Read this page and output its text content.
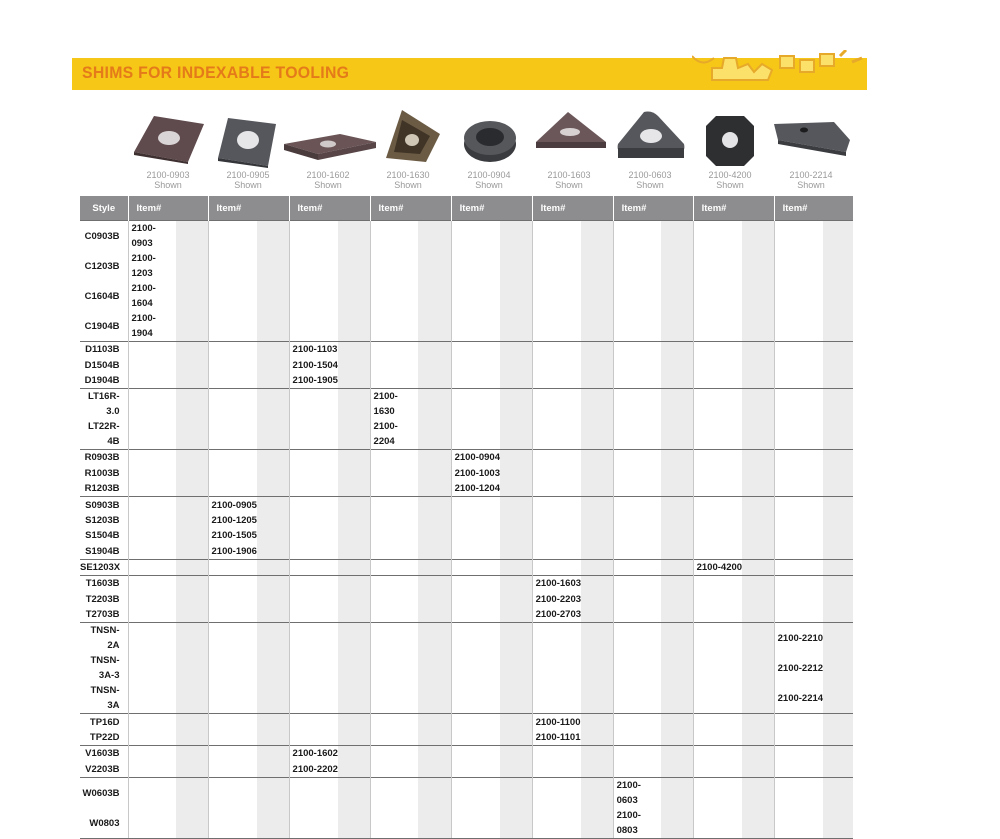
SHIMS FOR INDEXABLE TOOLING
2100-0903
Shown
2100-0905
Shown
2100-1602
Shown
2100-1630
Shown
2100-0904
Shown
2100-1603
Shown
2100-0603
Shown
2100-4200
Shown
2100-2214
Shown
Style	Item#		Item#		Item#		Item#		Item#		Item#		Item#		Item#		Item#	
C0903B	2100-0903																	
C1203B	2100-1203																	
C1604B	2100-1604																	
C1904B	2100-1904																	
D1103B					2100-1103													
D1504B					2100-1504													
D1904B					2100-1905													
LT16R-3.0							2100-1630											
LT22R-4B							2100-2204											
R0903B									2100-0904									
R1003B									2100-1003									
R1203B									2100-1204									
S0903B			2100-0905															
S1203B			2100-1205															
S1504B			2100-1505															
S1904B			2100-1906															
SE1203X															2100-4200			
T1603B											2100-1603							
T2203B											2100-2203							
T2703B											2100-2703							
TNSN-2A																	2100-2210	
TNSN-3A-3																	2100-2212	
TNSN-3A																	2100-2214	
TP16D											2100-1100							
TP22D											2100-1101							
V1603B					2100-1602													
V2203B					2100-2202													
W0603B													2100-0603					
W0803													2100-0803					
